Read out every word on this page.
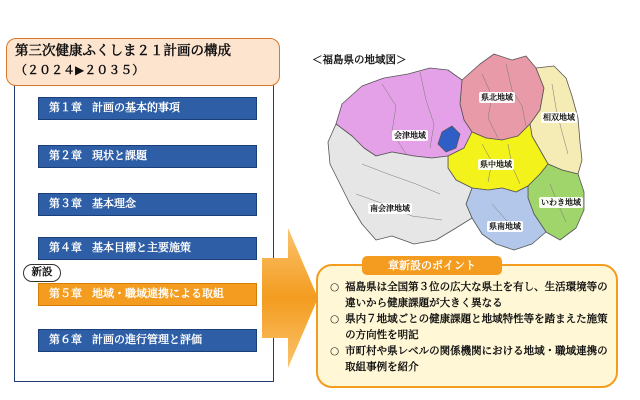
第三次健康ふくしま２１計画の構成
（２０２４▶２０３５）
第１章 計画の基本的事項
第２章 現状と課題
第３章 基本理念
第４章 基本目標と主要施策
新設
第５章 地域・職域連携による取組
第６章 計画の進行管理と評価
＜福島県の地域図＞
県北地域
相双地域
会津地域
県中地域
南会津地域
いわき地域
県南地域
章新設のポイント
○ 福島県は全国第３位の広大な県土を有し、生活環境等の違いから健康課題が大きく異なる
○ 県内７地域ごとの健康課題と地域特性等を踏まえた施策の方向性を明記
○ 市町村や県レベルの関係機関における地域・職域連携の取組事例を紹介
